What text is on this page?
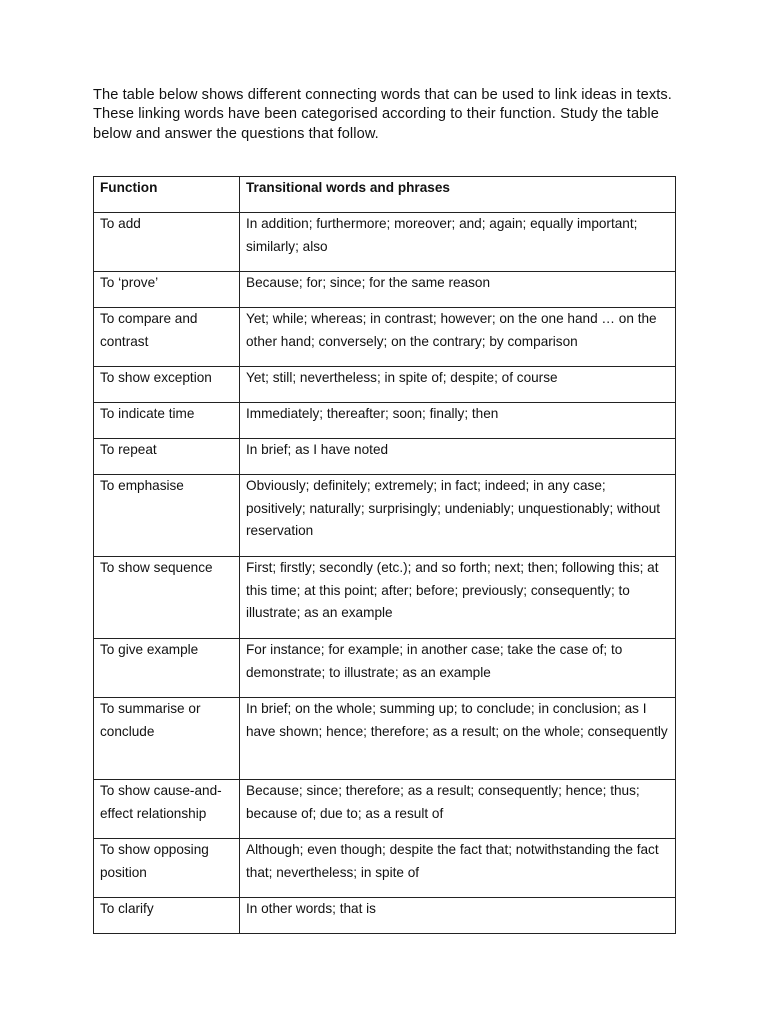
The table below shows different connecting words that can be used to link ideas in texts. These linking words have been categorised according to their function. Study the table below and answer the questions that follow.

Function	Transitional words and phrases
To add	In addition; furthermore; moreover; and; again; equally important; similarly; also
To ‘prove’	Because; for; since; for the same reason
To compare and contrast	Yet; while; whereas; in contrast; however; on the one hand … on the other hand; conversely; on the contrary; by comparison
To show exception	Yet; still; nevertheless; in spite of; despite; of course
To indicate time	Immediately; thereafter; soon; finally; then
To repeat	In brief; as I have noted
To emphasise	Obviously; definitely; extremely; in fact; indeed; in any case; positively; naturally; surprisingly; undeniably; unquestionably; without reservation
To show sequence	First; firstly; secondly (etc.); and so forth; next; then; following this; at this time; at this point; after; before; previously; consequently; to illustrate; as an example
To give example	For instance; for example; in another case; take the case of; to demonstrate; to illustrate; as an example
To summarise or conclude	In brief; on the whole; summing up; to conclude; in conclusion; as I have shown; hence; therefore; as a result; on the whole; consequently
To show cause-and-effect relationship	Because; since; therefore; as a result; consequently; hence; thus; because of; due to; as a result of
To show opposing position	Although; even though; despite the fact that; notwithstanding the fact that; nevertheless; in spite of
To clarify	In other words; that is
